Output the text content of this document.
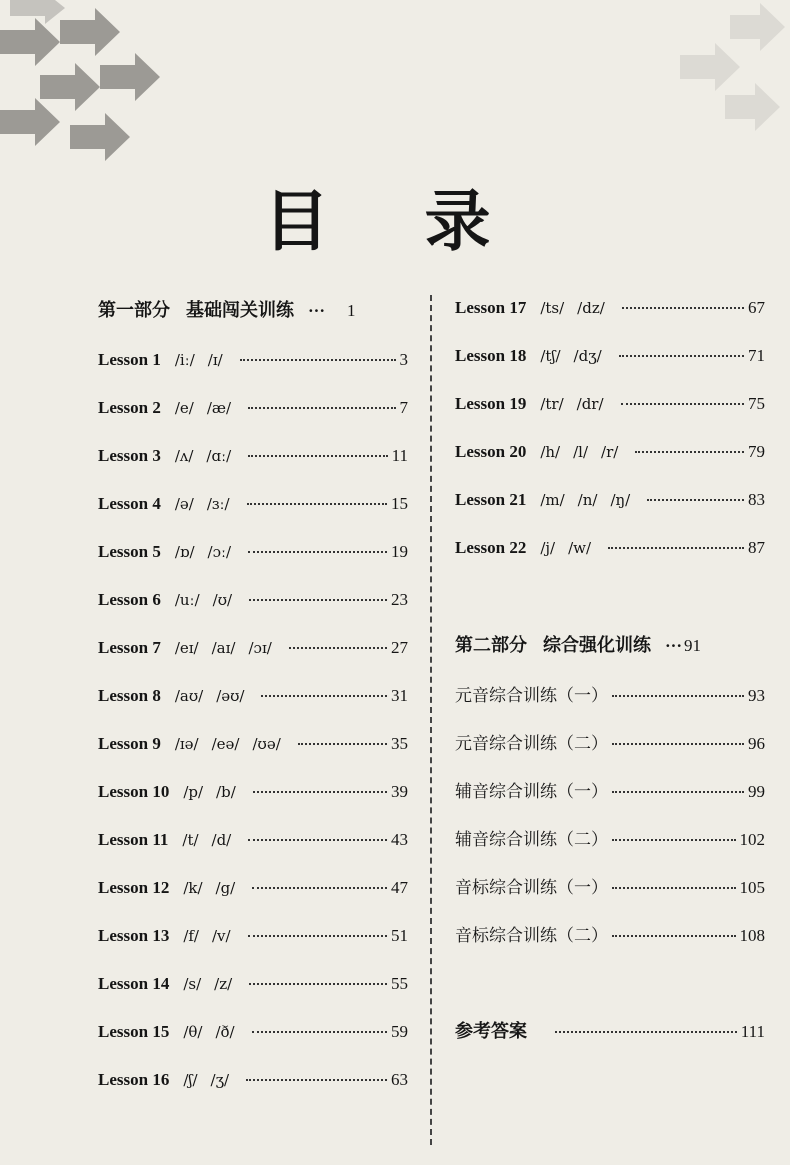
目 录
第一部分 基础闯关训练 ··· 1
Lesson 1 /iː/ /ɪ/	3
Lesson 2 /e/ /æ/	7
Lesson 3 /ʌ/ /ɑː/	11
Lesson 4 /ə/ /ɜː/	15
Lesson 5 /ɒ/ /ɔː/	19
Lesson 6 /uː/ /ʊ/	23
Lesson 7 /eɪ/ /aɪ/ /ɔɪ/	27
Lesson 8 /aʊ/ /əʊ/	31
Lesson 9 /ɪə/ /eə/ /ʊə/	35
Lesson 10 /p/ /b/	39
Lesson 11 /t/ /d/	43
Lesson 12 /k/ /g/	47
Lesson 13 /f/ /v/	51
Lesson 14 /s/ /z/	55
Lesson 15 /θ/ /ð/	59
Lesson 16 /ʃ/ /ʒ/	63
Lesson 17 /ts/ /dz/	67
Lesson 18 /tʃ/ /dʒ/	71
Lesson 19 /tr/ /dr/	75
Lesson 20 /h/ /l/ /r/	79
Lesson 21 /m/ /n/ /ŋ/	83
Lesson 22 /j/ /w/	87
第二部分 综合强化训练 ··· 91
元音综合训练（一）	93
元音综合训练（二）	96
辅音综合训练（一）	99
辅音综合训练（二）	102
音标综合训练（一）	105
音标综合训练（二）	108
参考答案	111
